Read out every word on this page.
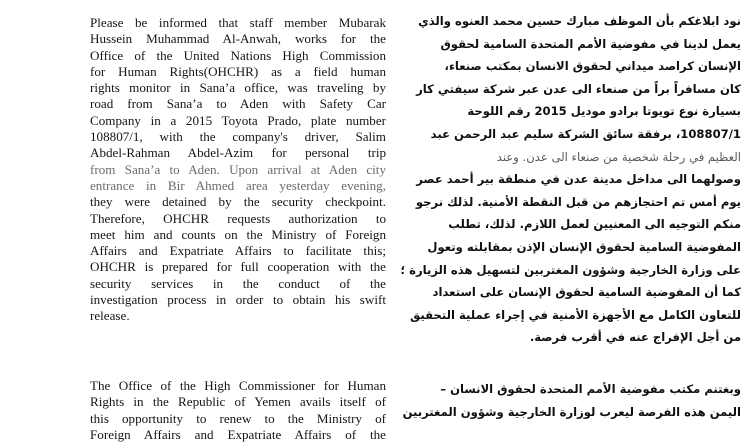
Please be informed that staff member Mubarak
Hussein Muhammad Al-Anwah, works for the
Office of the United Nations High Commission
for Human Rights(OHCHR) as a field human
rights monitor in Sana’a office, was traveling by
road from Sana’a to Aden with Safety Car
Company in a 2015 Toyota Prado, plate number
108807/1, with the company's driver, Salim
Abdel-Rahman Abdel-Azim for personal trip
from Sana’a to Aden. Upon arrival at Aden city
entrance in Bir Ahmed area yesterday evening,
they were detained by the security checkpoint.
Therefore, OHCHR requests authorization to
meet him and counts on the Ministry of Foreign
Affairs and Expatriate Affairs to facilitate this;
OHCHR is prepared for full cooperation with the
security services in the conduct of the
investigation process in order to obtain his swift
release.
The Office of the High Commissioner for Human
Rights in the Republic of Yemen avails itself of
this opportunity to renew to the Ministry of
Foreign Affairs and Expatriate Affairs of the
نود ابلاغكم بأن الموظف مبارك حسين محمد العنوه والذي
يعمل لدينا في مفوضية الأمم المتحدة السامية لحقوق
الإنسان كراصد ميداني لحقوق الانسان بمكتب صنعاء،
كان مسافراً براً من صنعاء الى عدن عبر شركة سيفتي كار
بسيارة نوع تويوتا برادو موديل 2015 رقم اللوحة
108807/1، برفقة سائق الشركة سليم عبد الرحمن عبد
العظيم في رحلة شخصية من صنعاء الى عدن. وعند
وصولهما الى مداخل مدينة عدن في منطقة بير أحمد عصر
يوم أمس تم احتجازهم من قبل النقطة الأمنية. لذلك نرجو
منكم التوجيه الى المعنيين لعمل اللازم. لذلك، تطلب
المفوضية السامية لحقوق الإنسان الإذن بمقابلته وتعول
على وزارة الخارجية وشؤون المغتربين لتسهيل هذه الزيارة ؛
كما أن المفوضية السامية لحقوق الإنسان على استعداد
للتعاون الكامل مع الأجهزة الأمنية في إجراء عملية التحقيق
من أجل الإفراج عنه في أقرب فرصة.
وبغتنم مكتب مفوضية الأمم المتحدة لحقوق الانسان –
اليمن هذه الفرصة ليعرب لوزارة الخارجية وشؤون المغتربين
